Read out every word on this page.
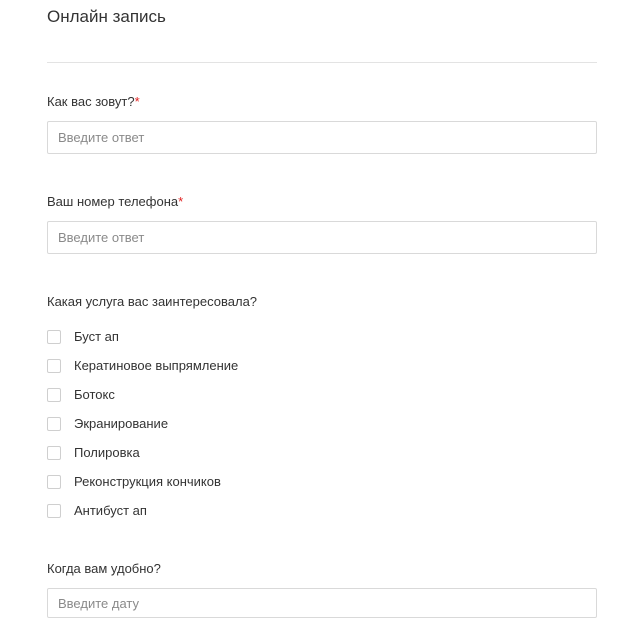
Онлайн запись
Как вас зовут?*
Введите ответ
Ваш номер телефона*
Введите ответ
Какая услуга вас заинтересовала?
Буст ап
Кератиновое выпрямление
Ботокс
Экранирование
Полировка
Реконструкция кончиков
Антибуст ап
Когда вам удобно?
Введите дату
